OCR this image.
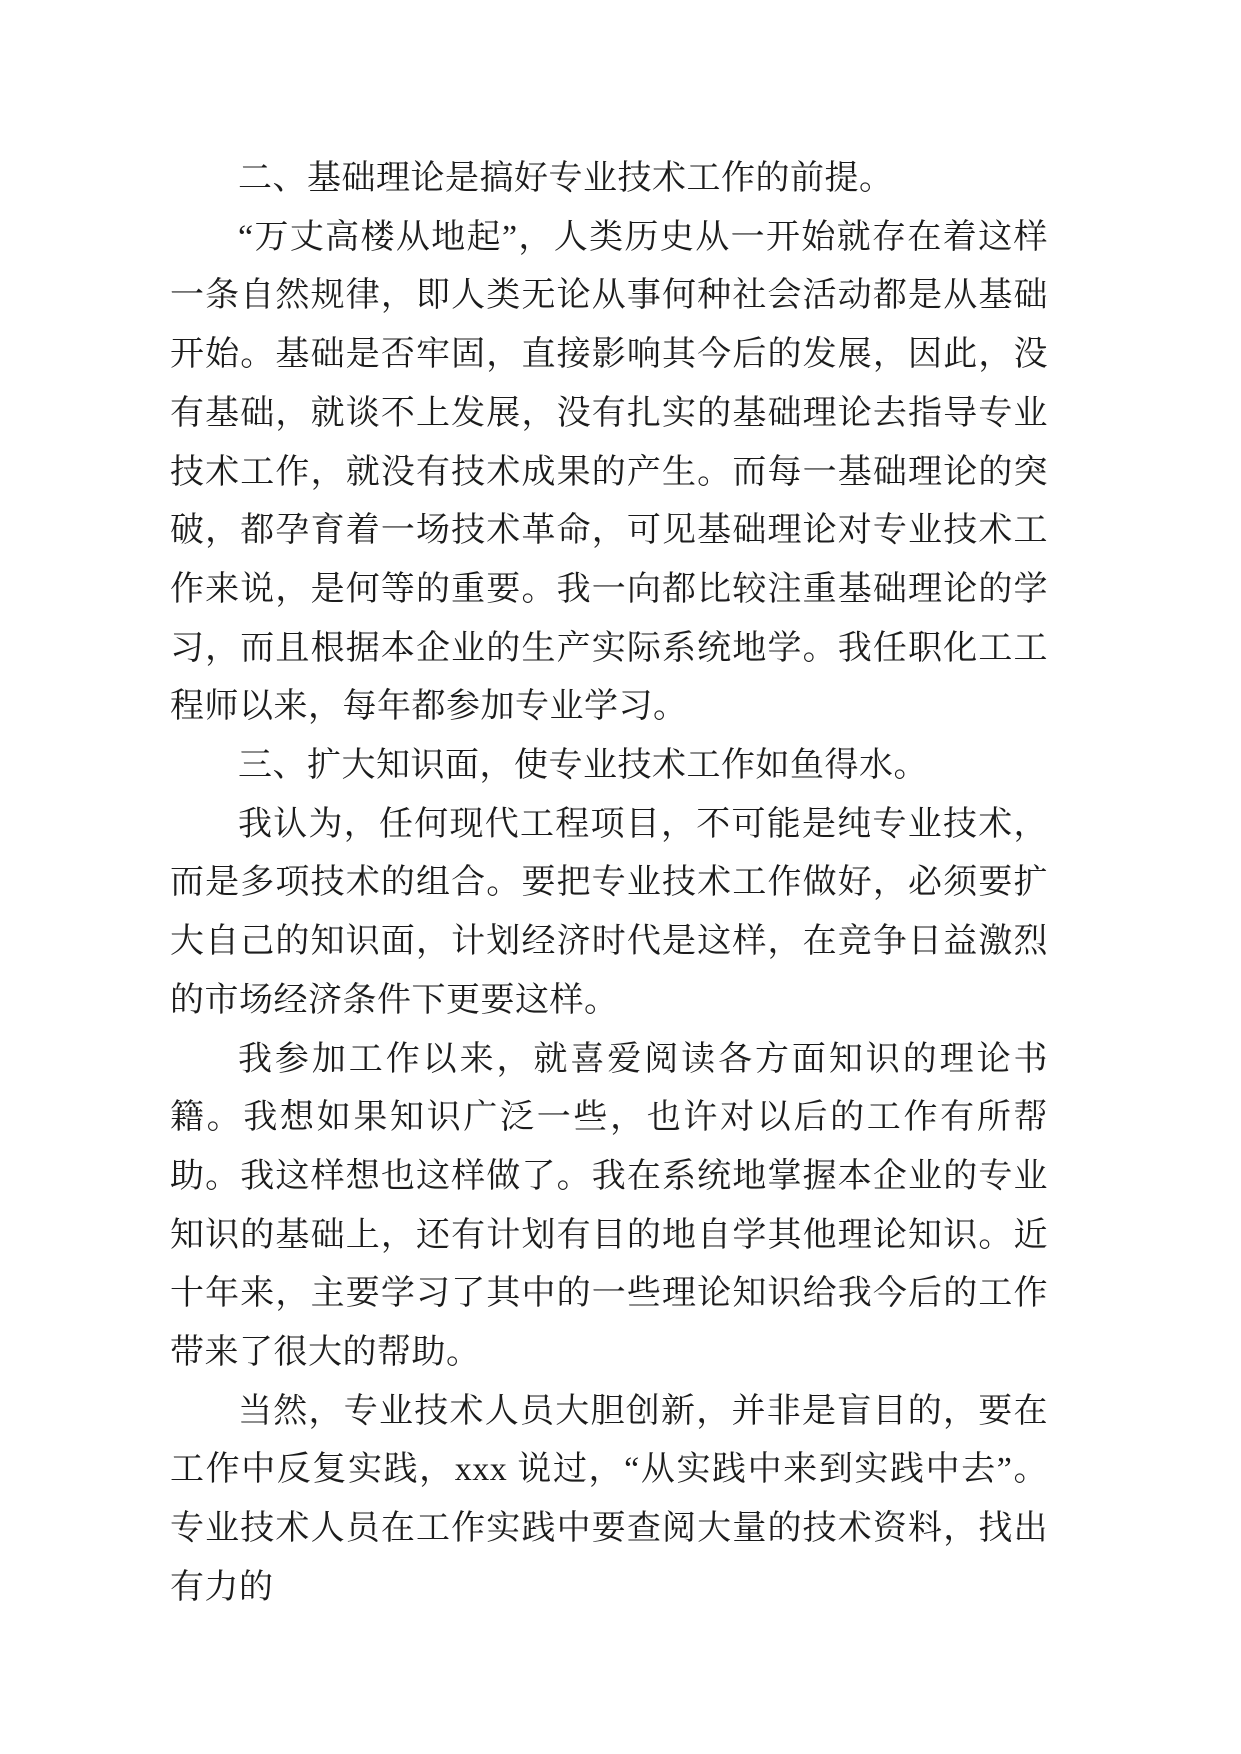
二、基础理论是搞好专业技术工作的前提。

“万丈高楼从地起”，人类历史从一开始就存在着这样一条自然规律，即人类无论从事何种社会活动都是从基础开始。基础是否牢固，直接影响其今后的发展，因此，没有基础，就谈不上发展，没有扎实的基础理论去指导专业技术工作，就没有技术成果的产生。而每一基础理论的突破，都孕育着一场技术革命，可见基础理论对专业技术工作来说，是何等的重要。我一向都比较注重基础理论的学习，而且根据本企业的生产实际系统地学。我任职化工工程师以来，每年都参加专业学习。

三、扩大知识面，使专业技术工作如鱼得水。

我认为，任何现代工程项目，不可能是纯专业技术，而是多项技术的组合。要把专业技术工作做好，必须要扩大自己的知识面，计划经济时代是这样，在竞争日益激烈的市场经济条件下更要这样。

我参加工作以来，就喜爱阅读各方面知识的理论书籍。我想如果知识广泛一些，也许对以后的工作有所帮助。我这样想也这样做了。我在系统地掌握本企业的专业知识的基础上，还有计划有目的地自学其他理论知识。近十年来，主要学习了其中的一些理论知识给我今后的工作带来了很大的帮助。

当然，专业技术人员大胆创新，并非是盲目的，要在工作中反复实践，xxx 说过，“从实践中来到实践中去”。专业技术人员在工作实践中要查阅大量的技术资料，找出有力的
